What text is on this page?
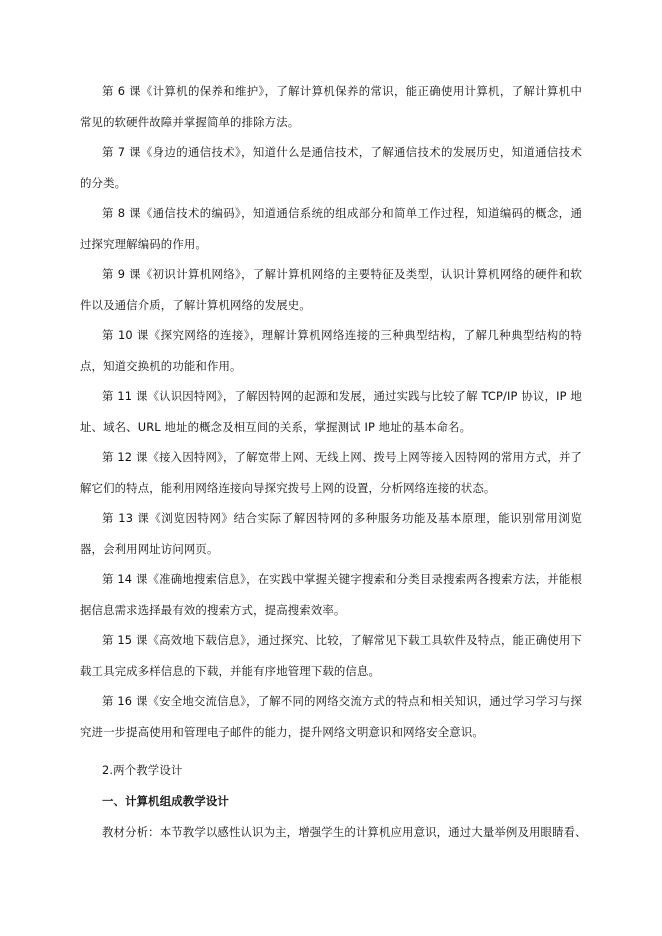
第 6 课《计算机的保养和维护》，了解计算机保养的常识，能正确使用计算机，了解计算机中常见的软硬件故障并掌握简单的排除方法。

第 7 课《身边的通信技术》，知道什么是通信技术，了解通信技术的发展历史，知道通信技术的分类。

第 8 课《通信技术的编码》，知道通信系统的组成部分和简单工作过程，知道编码的概念，通过探究理解编码的作用。

第 9 课《初识计算机网络》，了解计算机网络的主要特征及类型，认识计算机网络的硬件和软件以及通信介质，了解计算机网络的发展史。

第 10 课《探究网络的连接》，理解计算机网络连接的三种典型结构，了解几种典型结构的特点，知道交换机的功能和作用。

第 11 课《认识因特网》，了解因特网的起源和发展，通过实践与比较了解 TCP/IP 协议，IP 地址、域名、URL 地址的概念及相互间的关系，掌握测试 IP 地址的基本命名。

第 12 课《接入因特网》，了解宽带上网、无线上网、拨号上网等接入因特网的常用方式，并了解它们的特点，能利用网络连接向导探究拨号上网的设置，分析网络连接的状态。

第 13 课《浏览因特网》结合实际了解因特网的多种服务功能及基本原理，能识别常用浏览器，会利用网址访问网页。

第 14 课《准确地搜索信息》，在实践中掌握关键字搜索和分类目录搜索两各搜索方法，并能根据信息需求选择最有效的搜索方式，提高搜索效率。

第 15 课《高效地下载信息》，通过探究、比较，了解常见下载工具软件及特点，能正确使用下载工具完成多样信息的下载，并能有序地管理下载的信息。

第 16 课《安全地交流信息》，了解不同的网络交流方式的特点和相关知识，通过学习学习与探究进一步提高使用和管理电子邮件的能力，提升网络文明意识和网络安全意识。

2.两个教学设计

一、计算机组成教学设计

教材分析：本节教学以感性认识为主，增强学生的计算机应用意识，通过大量举例及用眼睛看、
